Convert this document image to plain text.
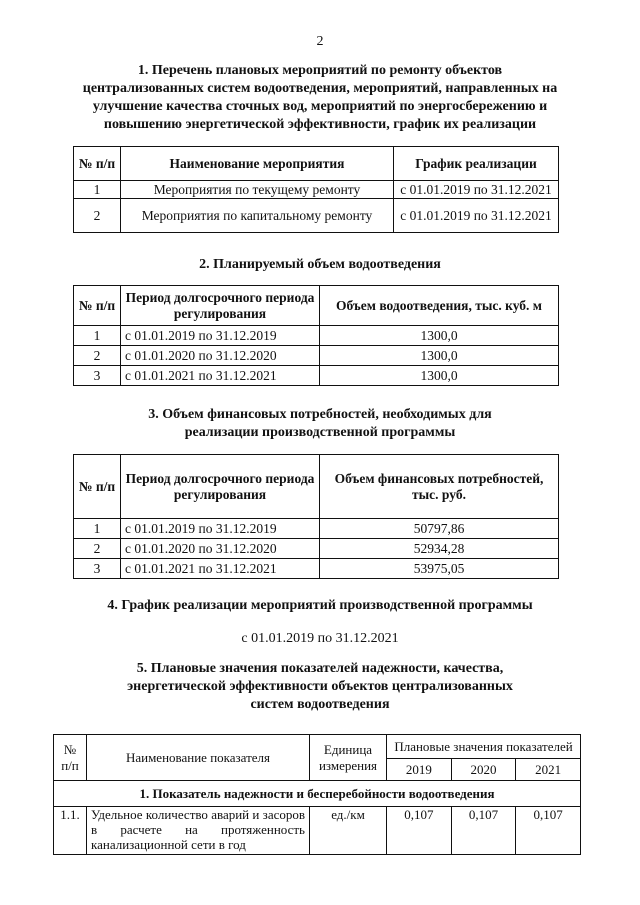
2
1. Перечень плановых мероприятий по ремонту объектов
централизованных систем водоотведения, мероприятий, направленных на
улучшение качества сточных вод, мероприятий по энергосбережению и
повышению энергетической эффективности, график их реализации
№ п/п	Наименование мероприятия	График реализации
1	Мероприятия по текущему ремонту	с 01.01.2019 по 31.12.2021
2	Мероприятия по капитальному ремонту	с 01.01.2019 по 31.12.2021
2. Планируемый объем водоотведения
№ п/п	Период долгосрочного периода регулирования	Объем водоотведения, тыс. куб. м
1	с 01.01.2019 по 31.12.2019	1300,0
2	с 01.01.2020 по 31.12.2020	1300,0
3	с 01.01.2021 по 31.12.2021	1300,0
3. Объем финансовых потребностей, необходимых для
реализации производственной программы
№ п/п	Период долгосрочного периода регулирования	Объем финансовых потребностей, тыс. руб.
1	с 01.01.2019 по 31.12.2019	50797,86
2	с 01.01.2020 по 31.12.2020	52934,28
3	с 01.01.2021 по 31.12.2021	53975,05
4. График реализации мероприятий производственной программы
с 01.01.2019 по 31.12.2021
5. Плановые значения показателей надежности, качества,
энергетической эффективности объектов централизованных
систем водоотведения
№ п/п	Наименование показателя	Единица измерения	Плановые значения показателей		
			2019	2020	2021
1. Показатель надежности и бесперебойности водоотведения					
1.1.	Удельное количество аварий и засоров в расчете на протяженность канализационной сети в год	ед./км	0,107	0,107	0,107
